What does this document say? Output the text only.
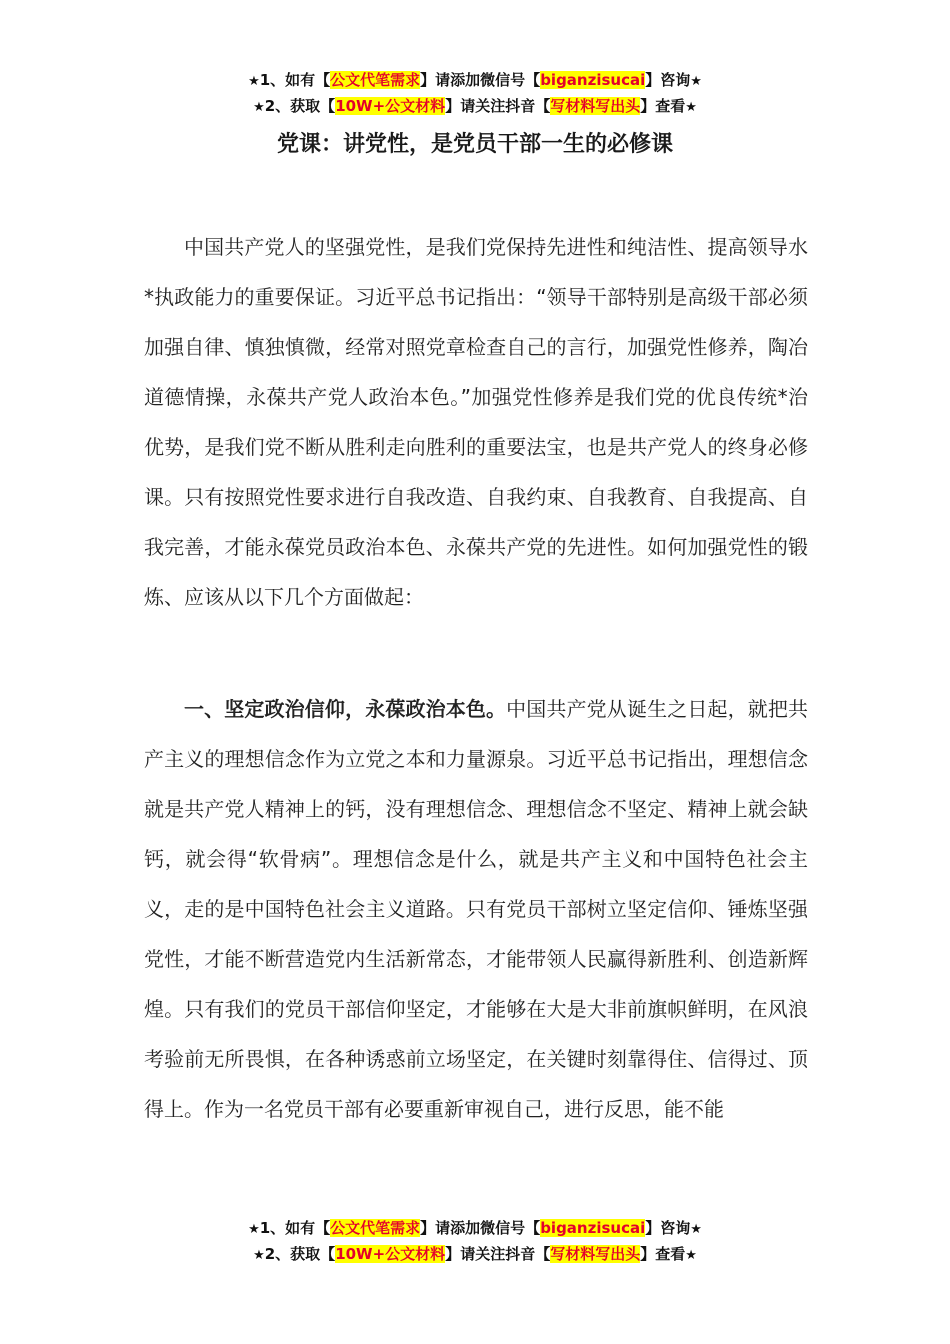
★1、如有【公文代笔需求】请添加微信号【biganzisucai】咨询★
★2、获取【10W+公文材料】请关注抖音【写材料写出头】查看★
党课：讲党性，是党员干部一生的必修课

中国共产党人的坚强党性，是我们党保持先进性和纯洁性、提高领导水*执政能力的重要保证。习近平总书记指出：“领导干部特别是高级干部必须加强自律、慎独慎微，经常对照党章检查自己的言行，加强党性修养，陶冶道德情操，永葆共产党人政治本色。”加强党性修养是我们党的优良传统*治优势，是我们党不断从胜利走向胜利的重要法宝，也是共产党人的终身必修课。只有按照党性要求进行自我改造、自我约束、自我教育、自我提高、自我完善，才能永葆党员政治本色、永葆共产党的先进性。如何加强党性的锻炼、应该从以下几个方面做起：

一、坚定政治信仰，永葆政治本色。中国共产党从诞生之日起，就把共产主义的理想信念作为立党之本和力量源泉。习近平总书记指出，理想信念就是共产党人精神上的钙，没有理想信念、理想信念不坚定、精神上就会缺钙，就会得“软骨病”。理想信念是什么，就是共产主义和中国特色社会主义，走的是中国特色社会主义道路。只有党员干部树立坚定信仰、锤炼坚强党性，才能不断营造党内生活新常态，才能带领人民赢得新胜利、创造新辉煌。只有我们的党员干部信仰坚定，才能够在大是大非前旗帜鲜明，在风浪考验前无所畏惧，在各种诱惑前立场坚定，在关键时刻靠得住、信得过、顶得上。作为一名党员干部有必要重新审视自己，进行反思，能不能

★1、如有【公文代笔需求】请添加微信号【biganzisucai】咨询★
★2、获取【10W+公文材料】请关注抖音【写材料写出头】查看★
